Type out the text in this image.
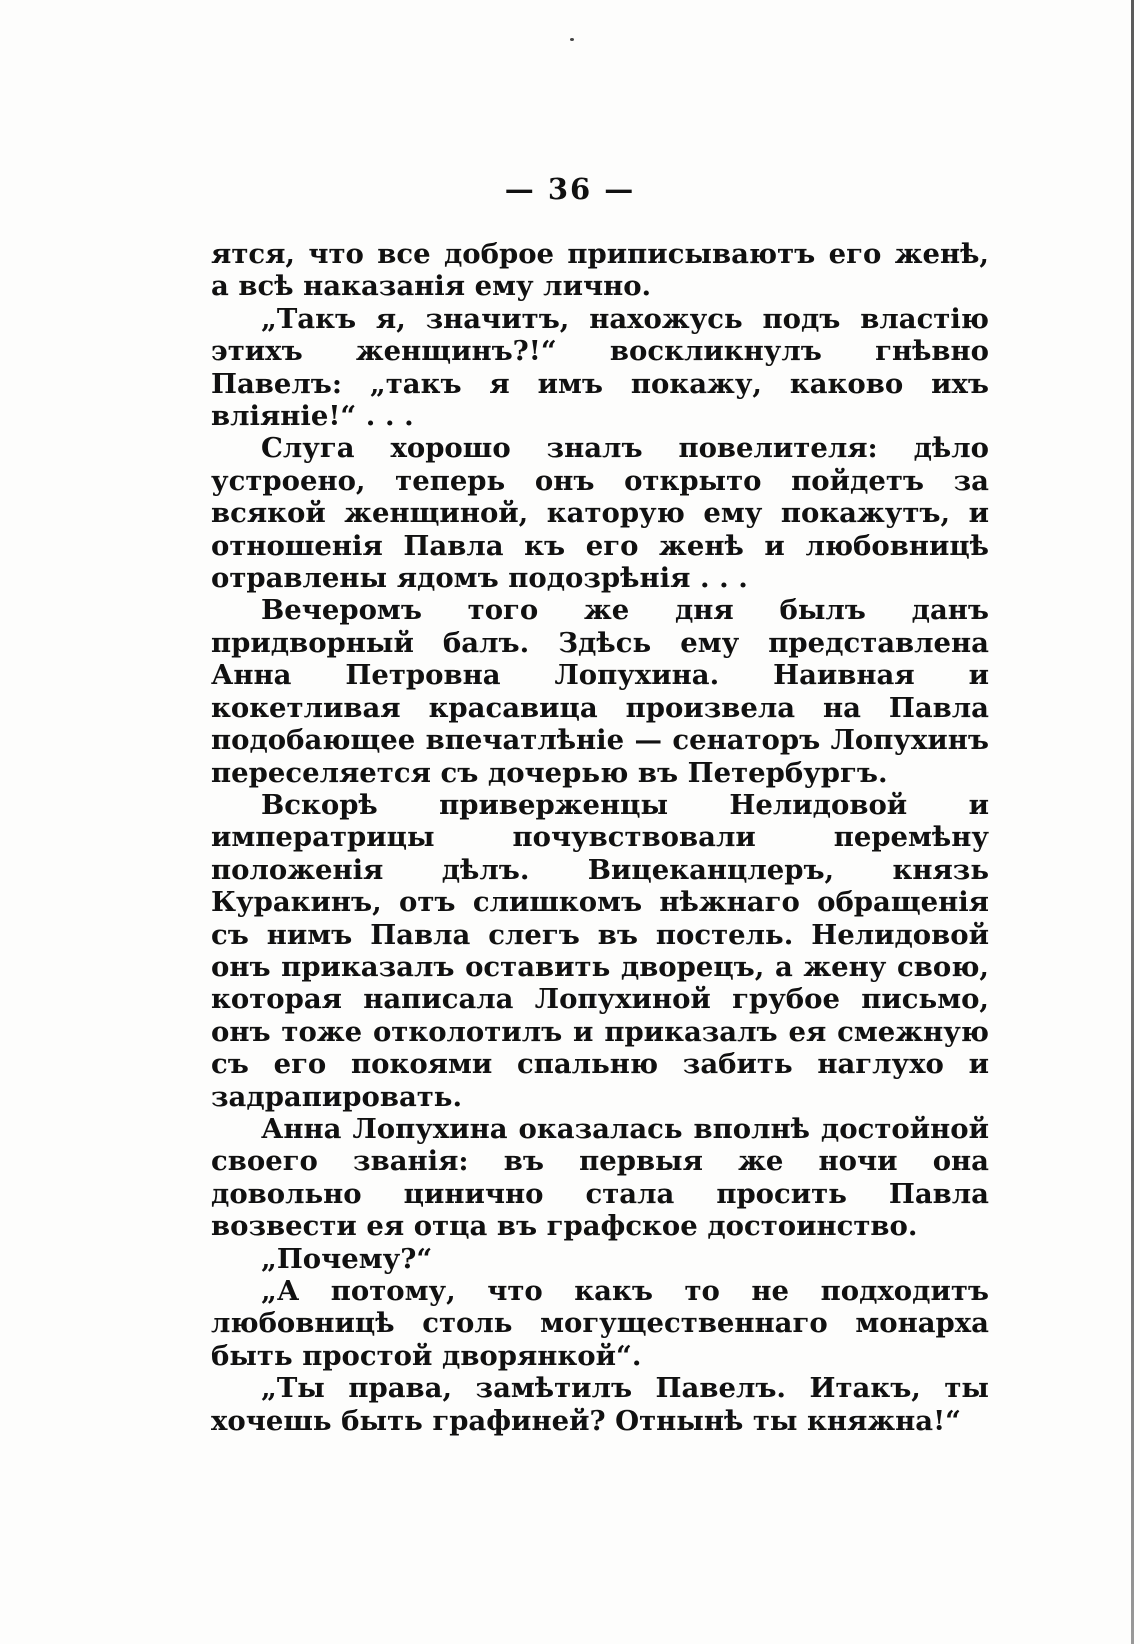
— 36 —

ятся, что все доброе приписываютъ его женѣ, а всѣ наказанія ему лично.

„Такъ я, значитъ, нахожусь подъ властію этихъ женщинъ?!“ воскликнулъ гнѣвно Павелъ: „такъ я имъ покажу, каково ихъ вліяніе!“ . . .

Слуга хорошо зналъ повелителя: дѣло устроено, теперь онъ открыто пойдетъ за всякой женщиной, каторую ему покажутъ, и отношенія Павла къ его женѣ и любовницѣ отравлены ядомъ подозрѣнія . . .

Вечеромъ того же дня былъ данъ придворный балъ. Здѣсь ему представлена Анна Петровна Лопухина. Наивная и кокетливая красавица произвела на Павла подобающее впечатлѣніе — сенаторъ Лопухинъ переселяется съ дочерью въ Петербургъ.

Вскорѣ приверженцы Нелидовой и императрицы почувствовали перемѣну положенія дѣлъ. Вицеканцлеръ, князь Куракинъ, отъ слишкомъ нѣжнаго обращенія съ нимъ Павла слегъ въ постель. Нелидовой онъ приказалъ оставить дворецъ, а жену свою, которая написала Лопухиной грубое письмо, онъ тоже отколотилъ и приказалъ ея смежную съ его покоями спальню забить наглухо и задрапировать.

Анна Лопухина оказалась вполнѣ достойной своего званія: въ первыя же ночи она довольно цинично стала просить Павла возвести ея отца въ графское достоинство.

„Почему?“

„А потому, что какъ то не подходитъ любовницѣ столь могущественнаго монарха быть простой дворянкой“.

„Ты права, замѣтилъ Павелъ. Итакъ, ты хочешь быть графиней? Отнынѣ ты княжна!“
